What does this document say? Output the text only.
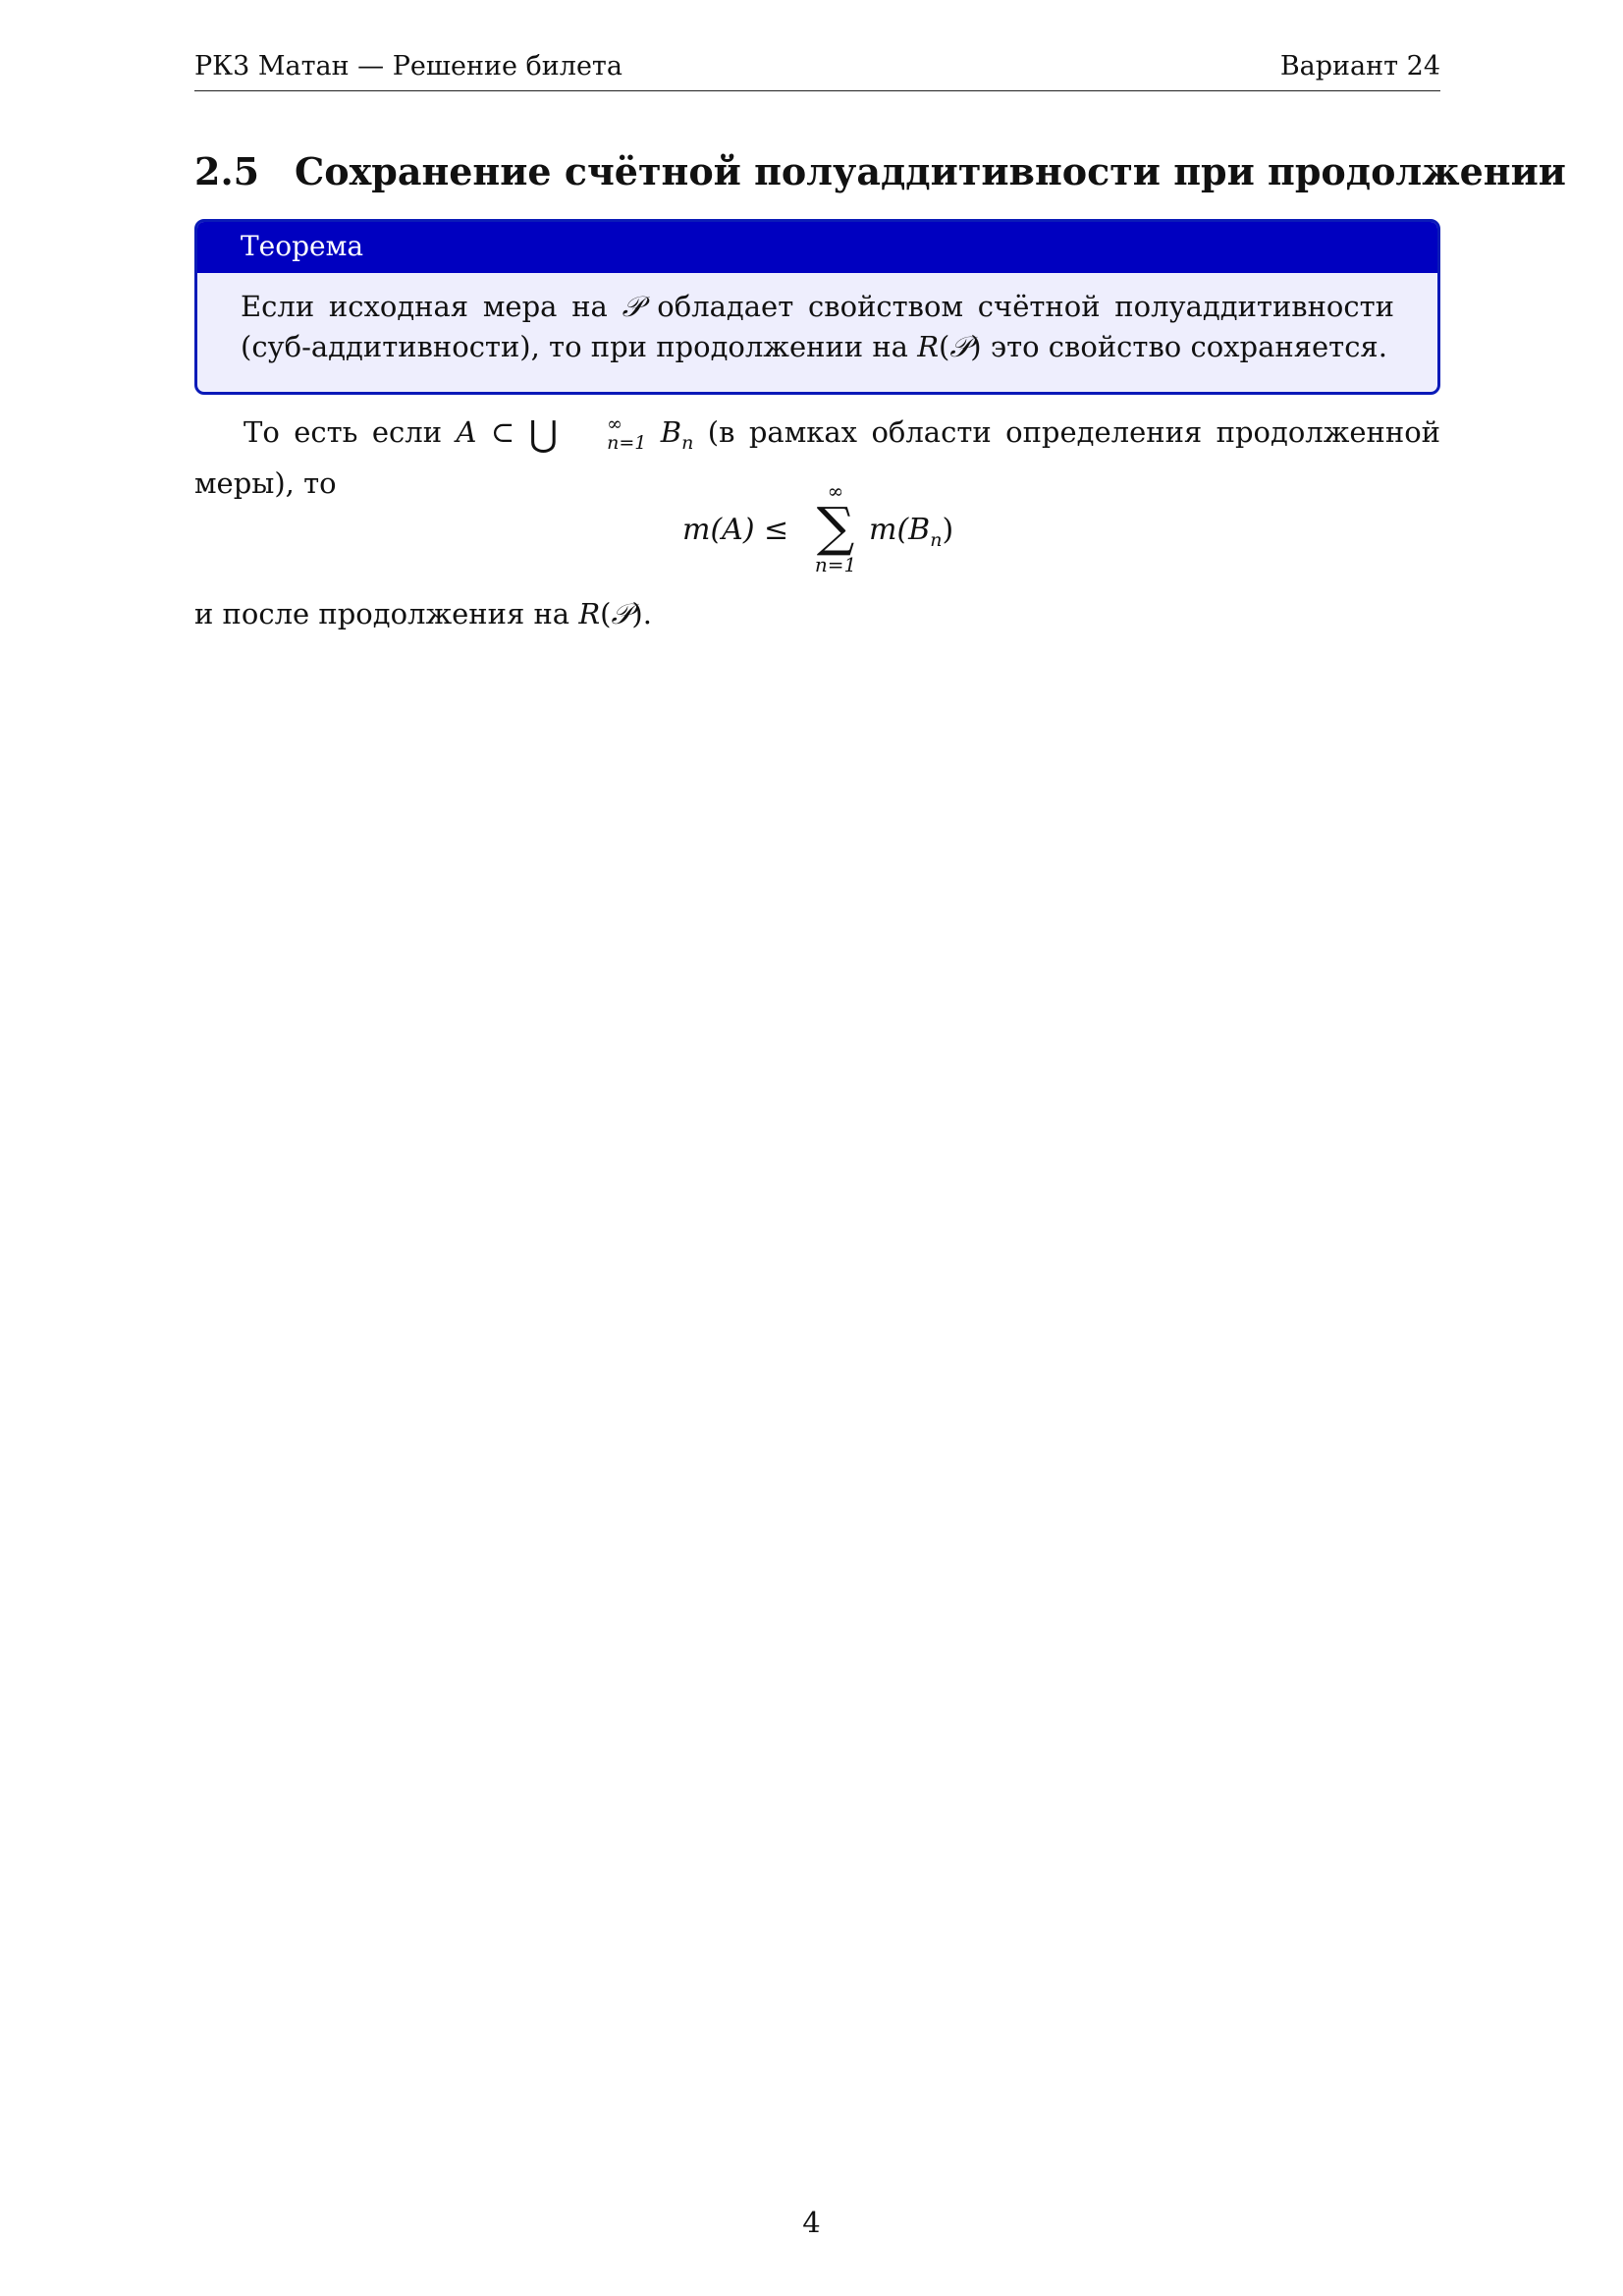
РК3 Матан — Решение билета	Вариант 24
2.5 Сохранение счётной полуаддитивности при продолжении
Теорема
Если исходная мера на 𝒫 обладает свойством счётной полуаддитивности (суб-аддитивности), то при продолжении на R(𝒫) это свойство сохраняется.
То есть если A ⊂ ⋃	∞
n=1 $B_n$ (в рамках области определения продолженной меры), то
m(A) ≤
∞
∑
n=1
$m(B_n)$
и после продолжения на R(𝒫).
4
